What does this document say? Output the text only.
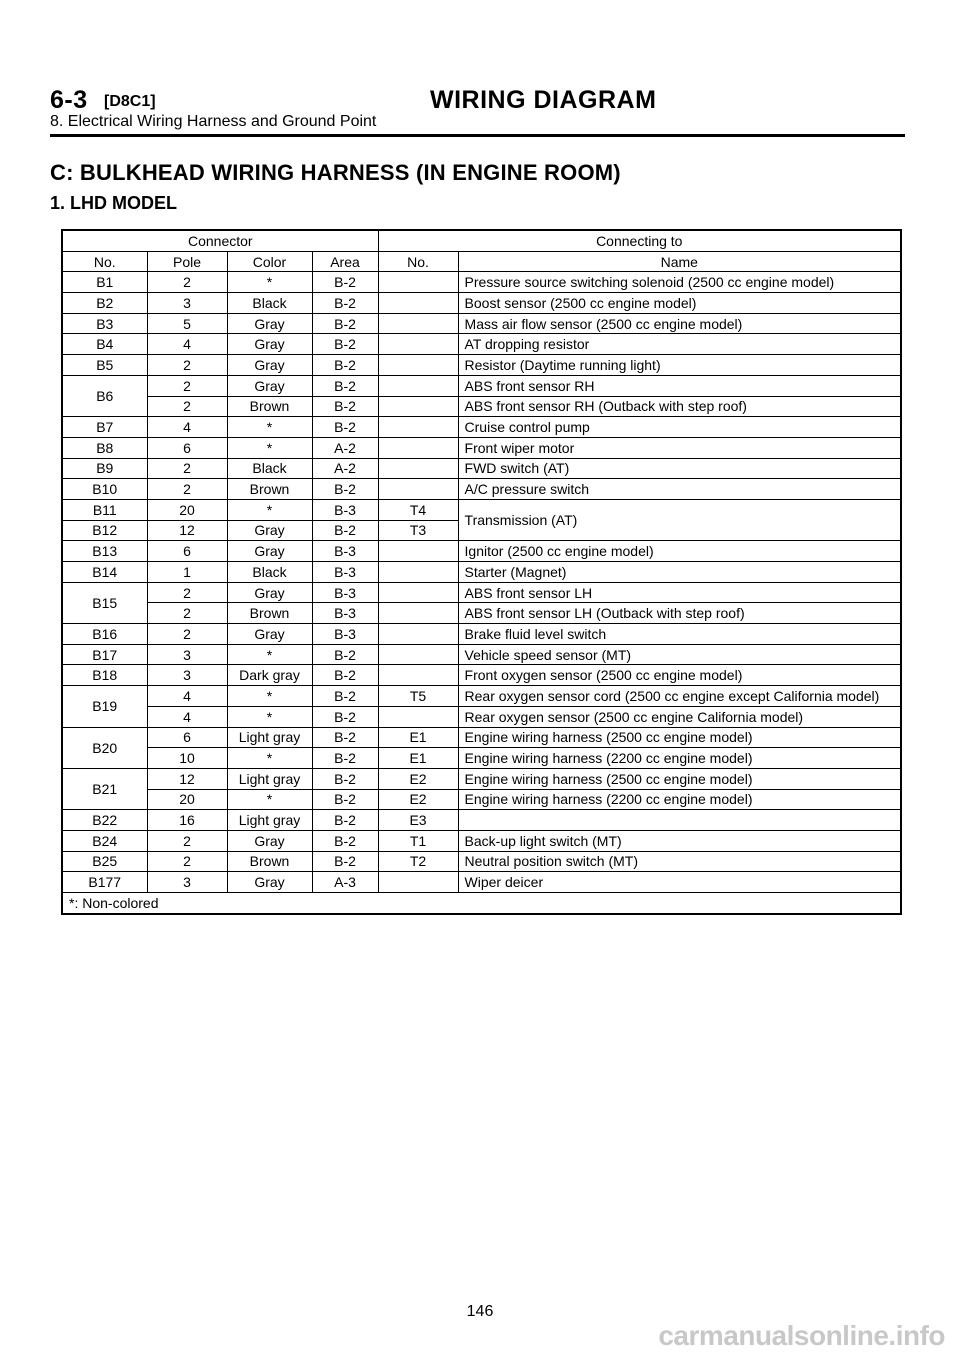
6-3 [D8C1]	WIRING DIAGRAM
8. Electrical Wiring Harness and Ground Point
C: BULKHEAD WIRING HARNESS (IN ENGINE ROOM)
1. LHD MODEL
Connector				Connecting to	
No.	Pole	Color	Area	No.	Name
B1	2	*	B-2		Pressure source switching solenoid (2500 cc engine model)
B2	3	Black	B-2		Boost sensor (2500 cc engine model)
B3	5	Gray	B-2		Mass air flow sensor (2500 cc engine model)
B4	4	Gray	B-2		AT dropping resistor
B5	2	Gray	B-2		Resistor (Daytime running light)
B6	2	Gray	B-2		ABS front sensor RH
	2	Brown	B-2		ABS front sensor RH (Outback with step roof)
B7	4	*	B-2		Cruise control pump
B8	6	*	A-2		Front wiper motor
B9	2	Black	A-2		FWD switch (AT)
B10	2	Brown	B-2		A/C pressure switch
B11	20	*	B-3	T4	Transmission (AT)
B12	12	Gray	B-2	T3	
B13	6	Gray	B-3		Ignitor (2500 cc engine model)
B14	1	Black	B-3		Starter (Magnet)
B15	2	Gray	B-3		ABS front sensor LH
	2	Brown	B-3		ABS front sensor LH (Outback with step roof)
B16	2	Gray	B-3		Brake fluid level switch
B17	3	*	B-2		Vehicle speed sensor (MT)
B18	3	Dark gray	B-2		Front oxygen sensor (2500 cc engine model)
B19	4	*	B-2	T5	Rear oxygen sensor cord (2500 cc engine except California model)
	4	*	B-2		Rear oxygen sensor (2500 cc engine California model)
B20	6	Light gray	B-2	E1	Engine wiring harness (2500 cc engine model)
	10	*	B-2	E1	Engine wiring harness (2200 cc engine model)
B21	12	Light gray	B-2	E2	Engine wiring harness (2500 cc engine model)
	20	*	B-2	E2	Engine wiring harness (2200 cc engine model)
B22	16	Light gray	B-2	E3	
B24	2	Gray	B-2	T1	Back-up light switch (MT)
B25	2	Brown	B-2	T2	Neutral position switch (MT)
B177	3	Gray	A-3		Wiper deicer
*: Non-colored					
146
carmanualsonline.info
